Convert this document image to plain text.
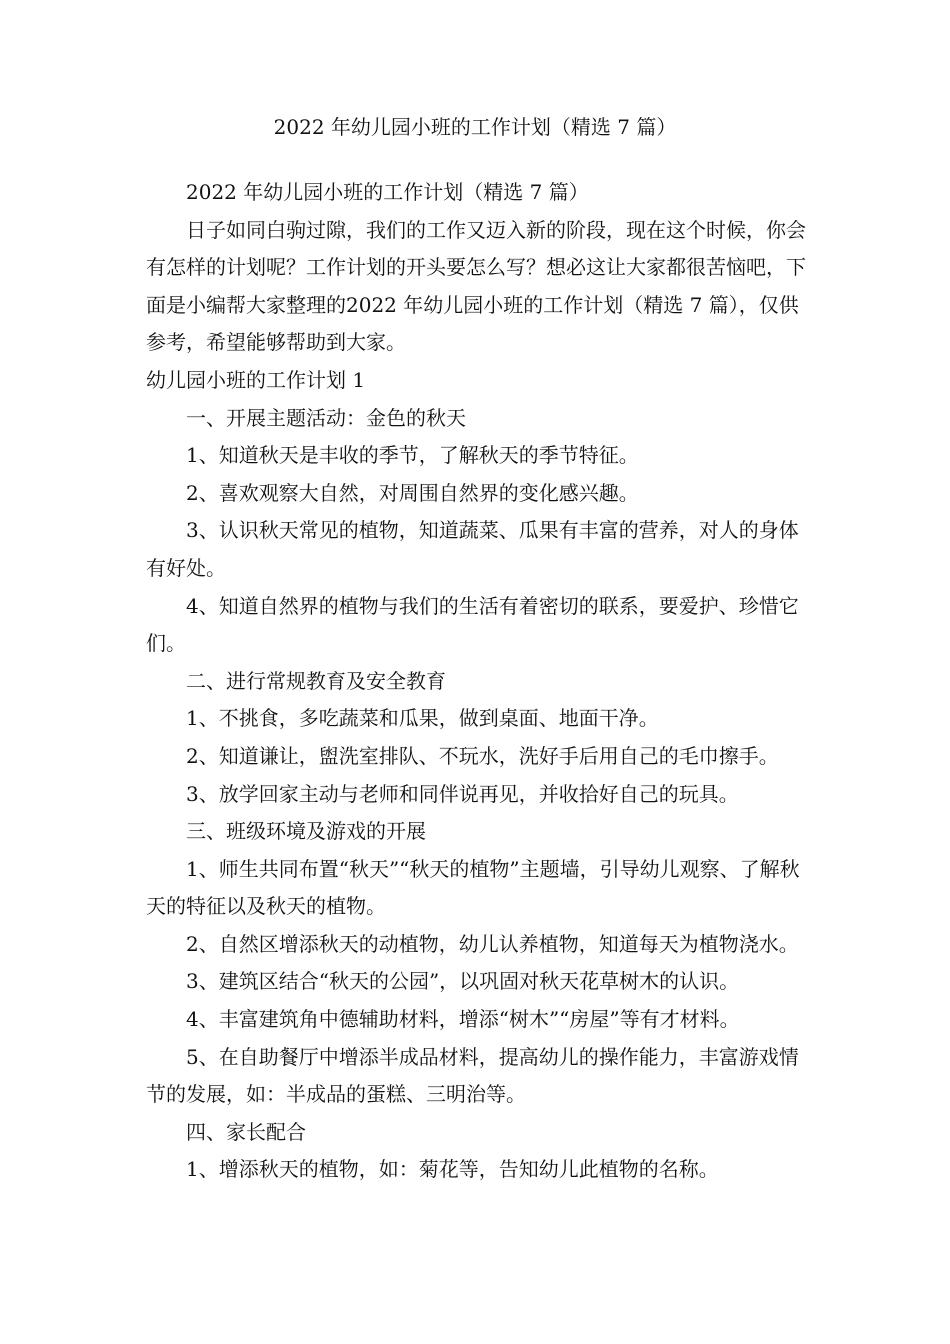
2022 年幼儿园小班的工作计划（精选 7 篇）

2022 年幼儿园小班的工作计划（精选 7 篇）

日子如同白驹过隙，我们的工作又迈入新的阶段，现在这个时候，你会有怎样的计划呢？工作计划的开头要怎么写？想必这让大家都很苦恼吧，下面是小编帮大家整理的2022 年幼儿园小班的工作计划（精选 7 篇），仅供参考，希望能够帮助到大家。

幼儿园小班的工作计划 1

一、开展主题活动：金色的秋天

1、知道秋天是丰收的季节，了解秋天的季节特征。

2、喜欢观察大自然，对周围自然界的变化感兴趣。

3、认识秋天常见的植物，知道蔬菜、瓜果有丰富的营养，对人的身体有好处。

4、知道自然界的植物与我们的生活有着密切的联系，要爱护、珍惜它们。

二、进行常规教育及安全教育

1、不挑食，多吃蔬菜和瓜果，做到桌面、地面干净。

2、知道谦让，盥洗室排队、不玩水，洗好手后用自己的毛巾擦手。

3、放学回家主动与老师和同伴说再见，并收拾好自己的玩具。

三、班级环境及游戏的开展

1、师生共同布置“秋天”“秋天的植物”主题墙，引导幼儿观察、了解秋天的特征以及秋天的植物。

2、自然区增添秋天的动植物，幼儿认养植物，知道每天为植物浇水。

3、建筑区结合“秋天的公园”，以巩固对秋天花草树木的认识。

4、丰富建筑角中德辅助材料，增添“树木”“房屋”等有才材料。

5、在自助餐厅中增添半成品材料，提高幼儿的操作能力，丰富游戏情节的发展，如：半成品的蛋糕、三明治等。

四、家长配合

1、增添秋天的植物，如：菊花等，告知幼儿此植物的名称。
